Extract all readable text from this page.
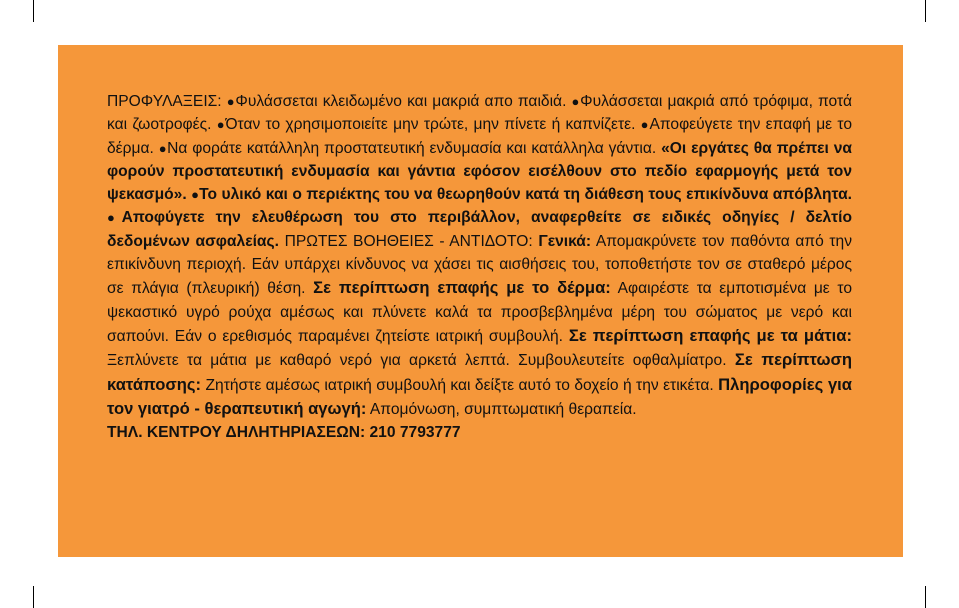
ΠΡΟΦΥΛΑΞΕΙΣ: ●Φυλάσσεται κλειδωμένο και μακριά απο παιδιά. ●Φυλάσσεται μακριά από τρόφιμα, ποτά και ζωοτροφές. ●Όταν το χρησιμοποιείτε μην τρώτε, μην πίνετε ή καπνίζετε. ●Αποφεύγετε την επαφή με το δέρμα. ●Να φοράτε κατάλληλη προστατευτική ενδυμασία και κατάλληλα γάντια. «Οι εργάτες θα πρέπει να φορούν προστατευτική ενδυμασία και γάντια εφόσον εισέλθουν στο πεδίο εφαρμογής μετά τον ψεκασμό». ●Το υλικό και ο περιέκτης του να θεωρηθούν κατά τη διάθεση τους επικίνδυνα απόβλητα. ●Αποφύγετε την ελευθέρωση του στο περιβάλλον, αναφερθείτε σε ειδικές οδηγίες / δελτίο δεδομένων ασφαλείας. ΠΡΩΤΕΣ ΒΟΗΘΕΙΕΣ - ΑΝΤΙΔΟΤΟ: Γενικά: Απομακρύνετε τον παθόντα από την επικίνδυνη περιοχή. Εάν υπάρχει κίνδυνος να χάσει τις αισθήσεις του, τοποθετήστε τον σε σταθερό μέρος σε πλάγια (πλευρική) θέση. Σε περίπτωση επαφής με το δέρμα: Αφαιρέστε τα εμποτισμένα με το ψεκαστικό υγρό ρούχα αμέσως και πλύνετε καλά τα προσβεβλημένα μέρη του σώματος με νερό και σαπούνι. Εάν ο ερεθισμός παραμένει ζητείστε ιατρική συμβουλή. Σε περίπτωση επαφής με τα μάτια: Ξεπλύνετε τα μάτια με καθαρό νερό για αρκετά λεπτά. Συμβουλευτείτε οφθαλμίατρο. Σε περίπτωση κατάποσης: Ζητήστε αμέσως ιατρική συμβουλή και δείξτε αυτό το δοχείο ή την ετικέτα. Πληροφορίες για τον γιατρό - θεραπευτική αγωγή: Απομόνωση, συμπτωματική θεραπεία.
ΤΗΛ. ΚΕΝΤΡΟΥ ΔΗΛΗΤΗΡΙΑΣΕΩΝ: 210 7793777
